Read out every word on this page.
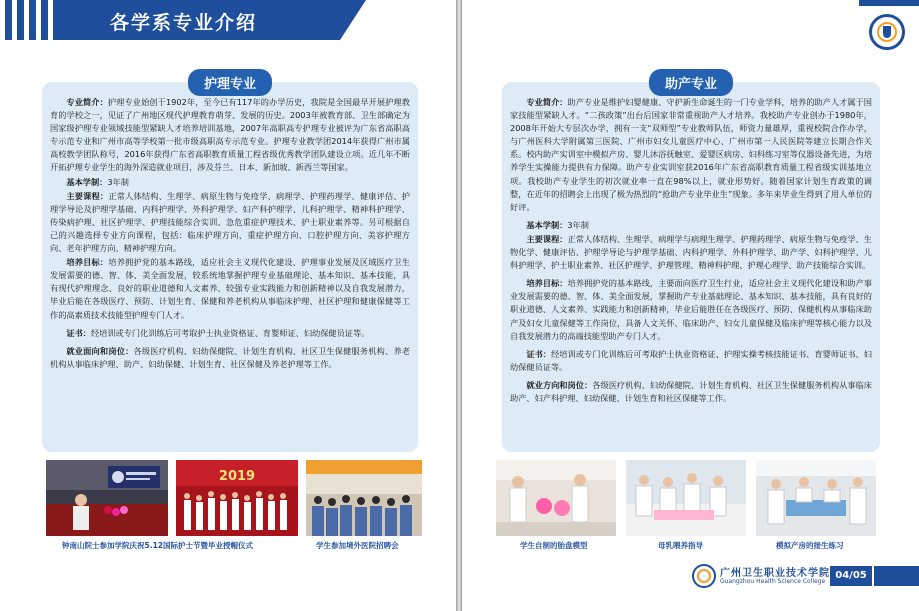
各学系专业介绍
护理专业

专业简介：护理专业始创于1902年，至今已有117年的办学历史，我院是全国最早开展护理教育的学校之一，见证了广州地区现代护理教育萌芽、发展的历史。2003年被教育部、卫生部确定为国家级护理专业领域技能型紧缺人才培养培训基地，2007年高职高专护理专业被评为广东省高职高专示范专业和广州市高等学校第一批市级高职高专示范专业。护理专业教学团2014年获得广州市属高校教学团队称号，2016年获得广东省高职教育质量工程省级优秀教学团队建设立项。近几年不断开拓护理专业学生的海外深造就业项目，涉及芬兰、日本、新加坡、新西兰等国家。

基本学制：3年制

主要课程：正常人体结构、生理学、病原生物与免疫学、病理学、护理药理学、健康评估、护理学导论及护理学基础、内科护理学、外科护理学、妇产科护理学、儿科护理学、精神科护理学、传染病护理、社区护理学、护理技能综合实训、急危重症护理技术、护士职业素养等。另可根据自己的兴趣选择专业方向课程，包括：临床护理方向、重症护理方向、口腔护理方向、美容护理方向、老年护理方向、精神护理方向。

培养目标：培养拥护党的基本路线，适应社会主义现代化建设、护理事业发展及区域医疗卫生发展需要的德、智、体、美全面发展，较系统地掌握护理专业基础理论、基本知识、基本技能，具有现代护理理念、良好的职业道德和人文素养、较强专业实践能力和创新精神以及自我发展潜力，毕业后能在各级医疗、预防、计划生育、保健和养老机构从事临床护理、社区护理和健康保健等工作的高素质技术技能型护理专门人才。

证书：经培训或专门化训练后可考取护士执业资格证、育婴师证、妇幼保健员证等。

就业面向和岗位：各级医疗机构、妇幼保健院、计划生育机构、社区卫生保健服务机构、养老机构从事临床护理、助产、妇幼保健、计划生育、社区保健及养老护理等工作。

2019
钟南山院士参加学院庆祝5.12国际护士节暨毕业授帽仪式	学生参加境外医院招聘会
助产专业

专业简介：助产专业是维护妇婴健康、守护新生命诞生的一门专业学科，培养的助产人才属于国家技能型紧缺人才。“二孩政策”出台后国家非常重视助产人才培养。我校助产专业创办于1980年，2008年开始大专层次办学，拥有一支“双师型”专业教师队伍，师资力量雄厚，重视校院合作办学，与广州医科大学附属第三医院、广州市妇女儿童医疗中心、广州市第一人民医院等建立长期合作关系。校内助产实训室中模拟产房、婴儿沐浴抚触室、爱婴区病房、妇科练习室等仪器设备先进，为培养学生实操能力提供有力保障。助产专业实训室获2016年广东省高职教育质量工程省级实训基地立项。我校助产专业学生的初次就业率一直在98%以上，就业形势好。随着国家计划生育政策的调整，在近年的招聘会上出现了极为热烈的“抢助产专业毕业生”现象。多年来毕业生得到了用人单位的好评。

基本学制：3年制

主要课程：正常人体结构、生理学、病理学与病理生理学、护理药理学、病原生物与免疫学、生物化学、健康评估、护理学导论与护理学基础、内科护理学、外科护理学、助产学、妇科护理学、儿科护理学、护士职业素养、社区护理学、护理管理、精神科护理、护理心理学、助产技能综合实训。

培养目标：培养拥护党的基本路线，主要面向医疗卫生行业，适应社会主义现代化建设和助产事业发展需要的德、智、体、美全面发展，掌握助产专业基础理论、基本知识、基本技能，具有良好的职业道德、人文素养、实践能力和创新精神，毕业后能胜任在各级医疗、预防、保健机构从事临床助产及妇女儿童保健等工作岗位，具备人文关怀、临床助产、妇女儿童保健及临床护理等核心能力以及自我发展潜力的高端技能型助产专门人才。

证书：经培训或专门化训练后可考取护士执业资格证、护理实操考核技能证书、育婴师证书、妇幼保健员证等。

就业方向和岗位：各级医疗机构、妇幼保健院、计划生育机构、社区卫生保健服务机构从事临床助产、妇产科护理、妇幼保健、计划生育和社区保健等工作。

学生自制的胎盘模型	母乳喂养指导	模拟产房的接生练习
广州卫生职业技术学院
Guangzhou Health Science College
04/05
